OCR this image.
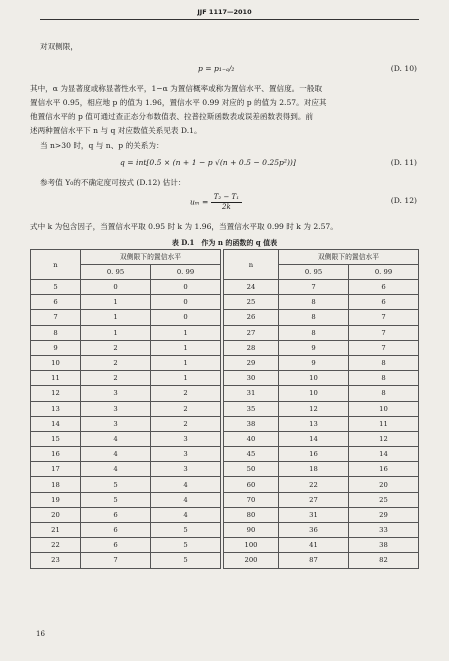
JJF 1117—2010
对双侧限，
p = p₁₋ₐ/₂	(D. 10)
其中，α 为显著度或称显著性水平，1−α 为置信概率或称为置信水平、置信度。一般取
置信水平 0.95，相应地 p 的值为 1.96，置信水平 0.99 对应的 p 的值为 2.57。对应其
他置信水平的 p 值可通过查正态分布数值表、拉普拉斯函数表或误差函数表得到。前
述两种置信水平下 n 与 q 对应数值关系见表 D.1。
当 n>30 时，q 与 n、p 的关系为：
q = int[0.5 × (n + 1 − p √(n + 0.5 − 0.25p²))]	(D. 11)
参考值 Y₀的不确定度可按式 (D.12) 估计：
$u_m = \frac{\text{T₂ − T₁}}{2k}$	(D. 12)
式中 k 为包含因子，当置信水平取 0.95 时 k 为 1.96，当置信水平取 0.99 时 k 为 2.57。
表 D.1　作为 n 的函数的 q 值表
n	双侧限下的置信水平	
	0. 95	0. 99
5	0	0
6	1	0
7	1	0
8	1	1
9	2	1
10	2	1
11	2	1
12	3	2
13	3	2
14	3	2
15	4	3
16	4	3
17	4	3
18	5	4
19	5	4
20	6	4
21	6	5
22	6	5
23	7	5
n	双侧限下的置信水平	
	0. 95	0. 99
24	7	6
25	8	6
26	8	7
27	8	7
28	9	7
29	9	8
30	10	8
31	10	8
35	12	10
38	13	11
40	14	12
45	16	14
50	18	16
60	22	20
70	27	25
80	31	29
90	36	33
100	41	38
200	87	82
16
